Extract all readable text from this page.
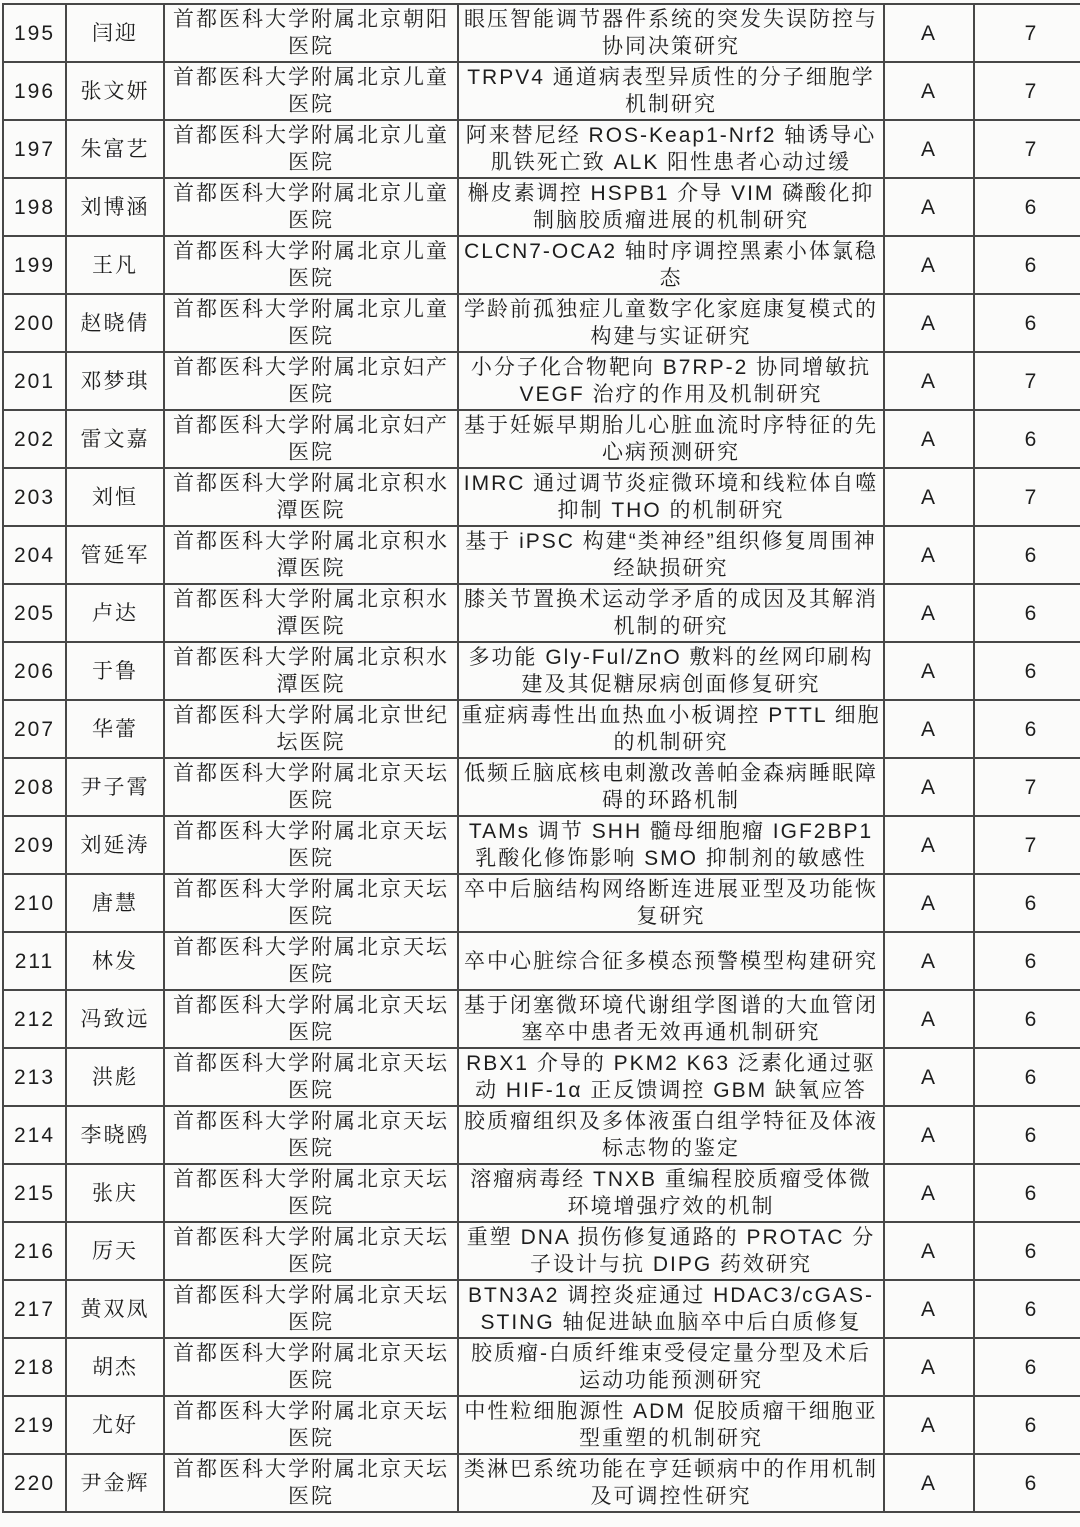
195	闫迎	首都医科大学附属北京朝阳医院	眼压智能调节器件系统的突发失误防控与协同决策研究	A	7
196	张文妍	首都医科大学附属北京儿童医院	TRPV4 通道病表型异质性的分子细胞学机制研究	A	7
197	朱富艺	首都医科大学附属北京儿童医院	阿来替尼经 ROS-Keap1-Nrf2 轴诱导心肌铁死亡致 ALK 阳性患者心动过缓	A	7
198	刘博涵	首都医科大学附属北京儿童医院	槲皮素调控 HSPB1 介导 VIM 磷酸化抑制脑胶质瘤进展的机制研究	A	6
199	王凡	首都医科大学附属北京儿童医院	CLCN7-OCA2 轴时序调控黑素小体氯稳态	A	6
200	赵晓倩	首都医科大学附属北京儿童医院	学龄前孤独症儿童数字化家庭康复模式的构建与实证研究	A	6
201	邓梦琪	首都医科大学附属北京妇产医院	小分子化合物靶向 B7RP-2 协同增敏抗 VEGF 治疗的作用及机制研究	A	7
202	雷文嘉	首都医科大学附属北京妇产医院	基于妊娠早期胎儿心脏血流时序特征的先心病预测研究	A	6
203	刘恒	首都医科大学附属北京积水潭医院	IMRC 通过调节炎症微环境和线粒体自噬抑制 THO 的机制研究	A	7
204	管延军	首都医科大学附属北京积水潭医院	基于 iPSC 构建“类神经”组织修复周围神经缺损研究	A	6
205	卢达	首都医科大学附属北京积水潭医院	膝关节置换术运动学矛盾的成因及其解消机制的研究	A	6
206	于鲁	首都医科大学附属北京积水潭医院	多功能 Gly-Ful/ZnO 敷料的丝网印刷构建及其促糖尿病创面修复研究	A	6
207	华蕾	首都医科大学附属北京世纪坛医院	重症病毒性出血热血小板调控 PTTL 细胞的机制研究	A	6
208	尹子霄	首都医科大学附属北京天坛医院	低频丘脑底核电刺激改善帕金森病睡眠障碍的环路机制	A	7
209	刘延涛	首都医科大学附属北京天坛医院	TAMs 调节 SHH 髓母细胞瘤 IGF2BP1 乳酸化修饰影响 SMO 抑制剂的敏感性	A	7
210	唐慧	首都医科大学附属北京天坛医院	卒中后脑结构网络断连进展亚型及功能恢复研究	A	6
211	林发	首都医科大学附属北京天坛医院	卒中心脏综合征多模态预警模型构建研究	A	6
212	冯致远	首都医科大学附属北京天坛医院	基于闭塞微环境代谢组学图谱的大血管闭塞卒中患者无效再通机制研究	A	6
213	洪彪	首都医科大学附属北京天坛医院	RBX1 介导的 PKM2 K63 泛素化通过驱动 HIF-1α 正反馈调控 GBM 缺氧应答	A	6
214	李晓鸥	首都医科大学附属北京天坛医院	胶质瘤组织及多体液蛋白组学特征及体液标志物的鉴定	A	6
215	张庆	首都医科大学附属北京天坛医院	溶瘤病毒经 TNXB 重编程胶质瘤受体微环境增强疗效的机制	A	6
216	厉天	首都医科大学附属北京天坛医院	重塑 DNA 损伤修复通路的 PROTAC 分子设计与抗 DIPG 药效研究	A	6
217	黄双凤	首都医科大学附属北京天坛医院	BTN3A2 调控炎症通过 HDAC3/cGAS-STING 轴促进缺血脑卒中后白质修复	A	6
218	胡杰	首都医科大学附属北京天坛医院	胶质瘤-白质纤维束受侵定量分型及术后运动功能预测研究	A	6
219	尤好	首都医科大学附属北京天坛医院	中性粒细胞源性 ADM 促胶质瘤干细胞亚型重塑的机制研究	A	6
220	尹金辉	首都医科大学附属北京天坛医院	类淋巴系统功能在亨廷顿病中的作用机制及可调控性研究	A	6
